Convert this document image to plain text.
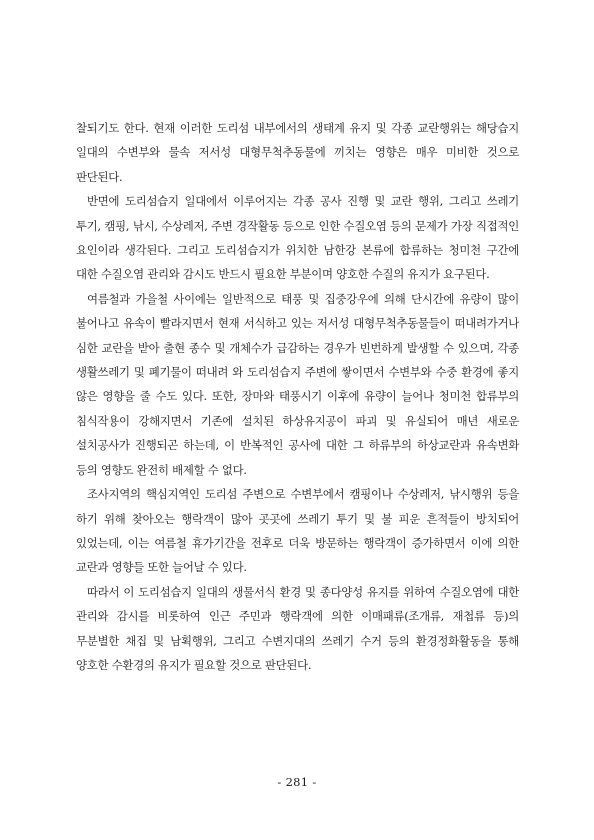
찰되기도 한다. 현재 이러한 도리섬 내부에서의 생태계 유지 및 각종 교란행위는 해당습지 일대의 수변부와 물속 저서성 대형무척추동물에 끼치는 영향은 매우 미비한 것으로 판단된다.

반면에 도리섬습지 일대에서 이루어지는 각종 공사 진행 및 교란 행위, 그리고 쓰레기 투기, 캠핑, 낚시, 수상레저, 주변 경작활동 등으로 인한 수질오염 등의 문제가 가장 직접적인 요인이라 생각된다. 그리고 도리섬습지가 위치한 남한강 본류에 합류하는 청미천 구간에 대한 수질오염 관리와 감시도 반드시 필요한 부분이며 양호한 수질의 유지가 요구된다.

여름철과 가을철 사이에는 일반적으로 태풍 및 집중강우에 의해 단시간에 유량이 많이 불어나고 유속이 빨라지면서 현재 서식하고 있는 저서성 대형무척추동물들이 떠내려가거나 심한 교란을 받아 출현 종수 및 개체수가 급감하는 경우가 빈번하게 발생할 수 있으며, 각종 생활쓰레기 및 폐기물이 떠내려 와 도리섬습지 주변에 쌓이면서 수변부와 수중 환경에 좋지 않은 영향을 줄 수도 있다. 또한, 장마와 태풍시기 이후에 유량이 늘어나 청미천 합류부의 침식작용이 강해지면서 기존에 설치된 하상유지공이 파괴 및 유실되어 매년 새로운 설치공사가 진행되곤 하는데, 이 반복적인 공사에 대한 그 하류부의 하상교란과 유속변화 등의 영향도 완전히 배제할 수 없다.

조사지역의 핵심지역인 도리섬 주변으로 수변부에서 캠핑이나 수상레저, 낚시행위 등을 하기 위해 찾아오는 행락객이 많아 곳곳에 쓰레기 투기 및 불 피운 흔적들이 방치되어 있었는데, 이는 여름철 휴가기간을 전후로 더욱 방문하는 행락객이 증가하면서 이에 의한 교란과 영향들 또한 늘어날 수 있다.

따라서 이 도리섬습지 일대의 생물서식 환경 및 종다양성 유지를 위하여 수질오염에 대한 관리와 감시를 비롯하여 인근 주민과 행락객에 의한 이매패류(조개류, 재첩류 등)의 무분별한 채집 및 남획행위, 그리고 수변지대의 쓰레기 수거 등의 환경정화활동을 통해 양호한 수환경의 유지가 필요할 것으로 판단된다.

- 281 -
